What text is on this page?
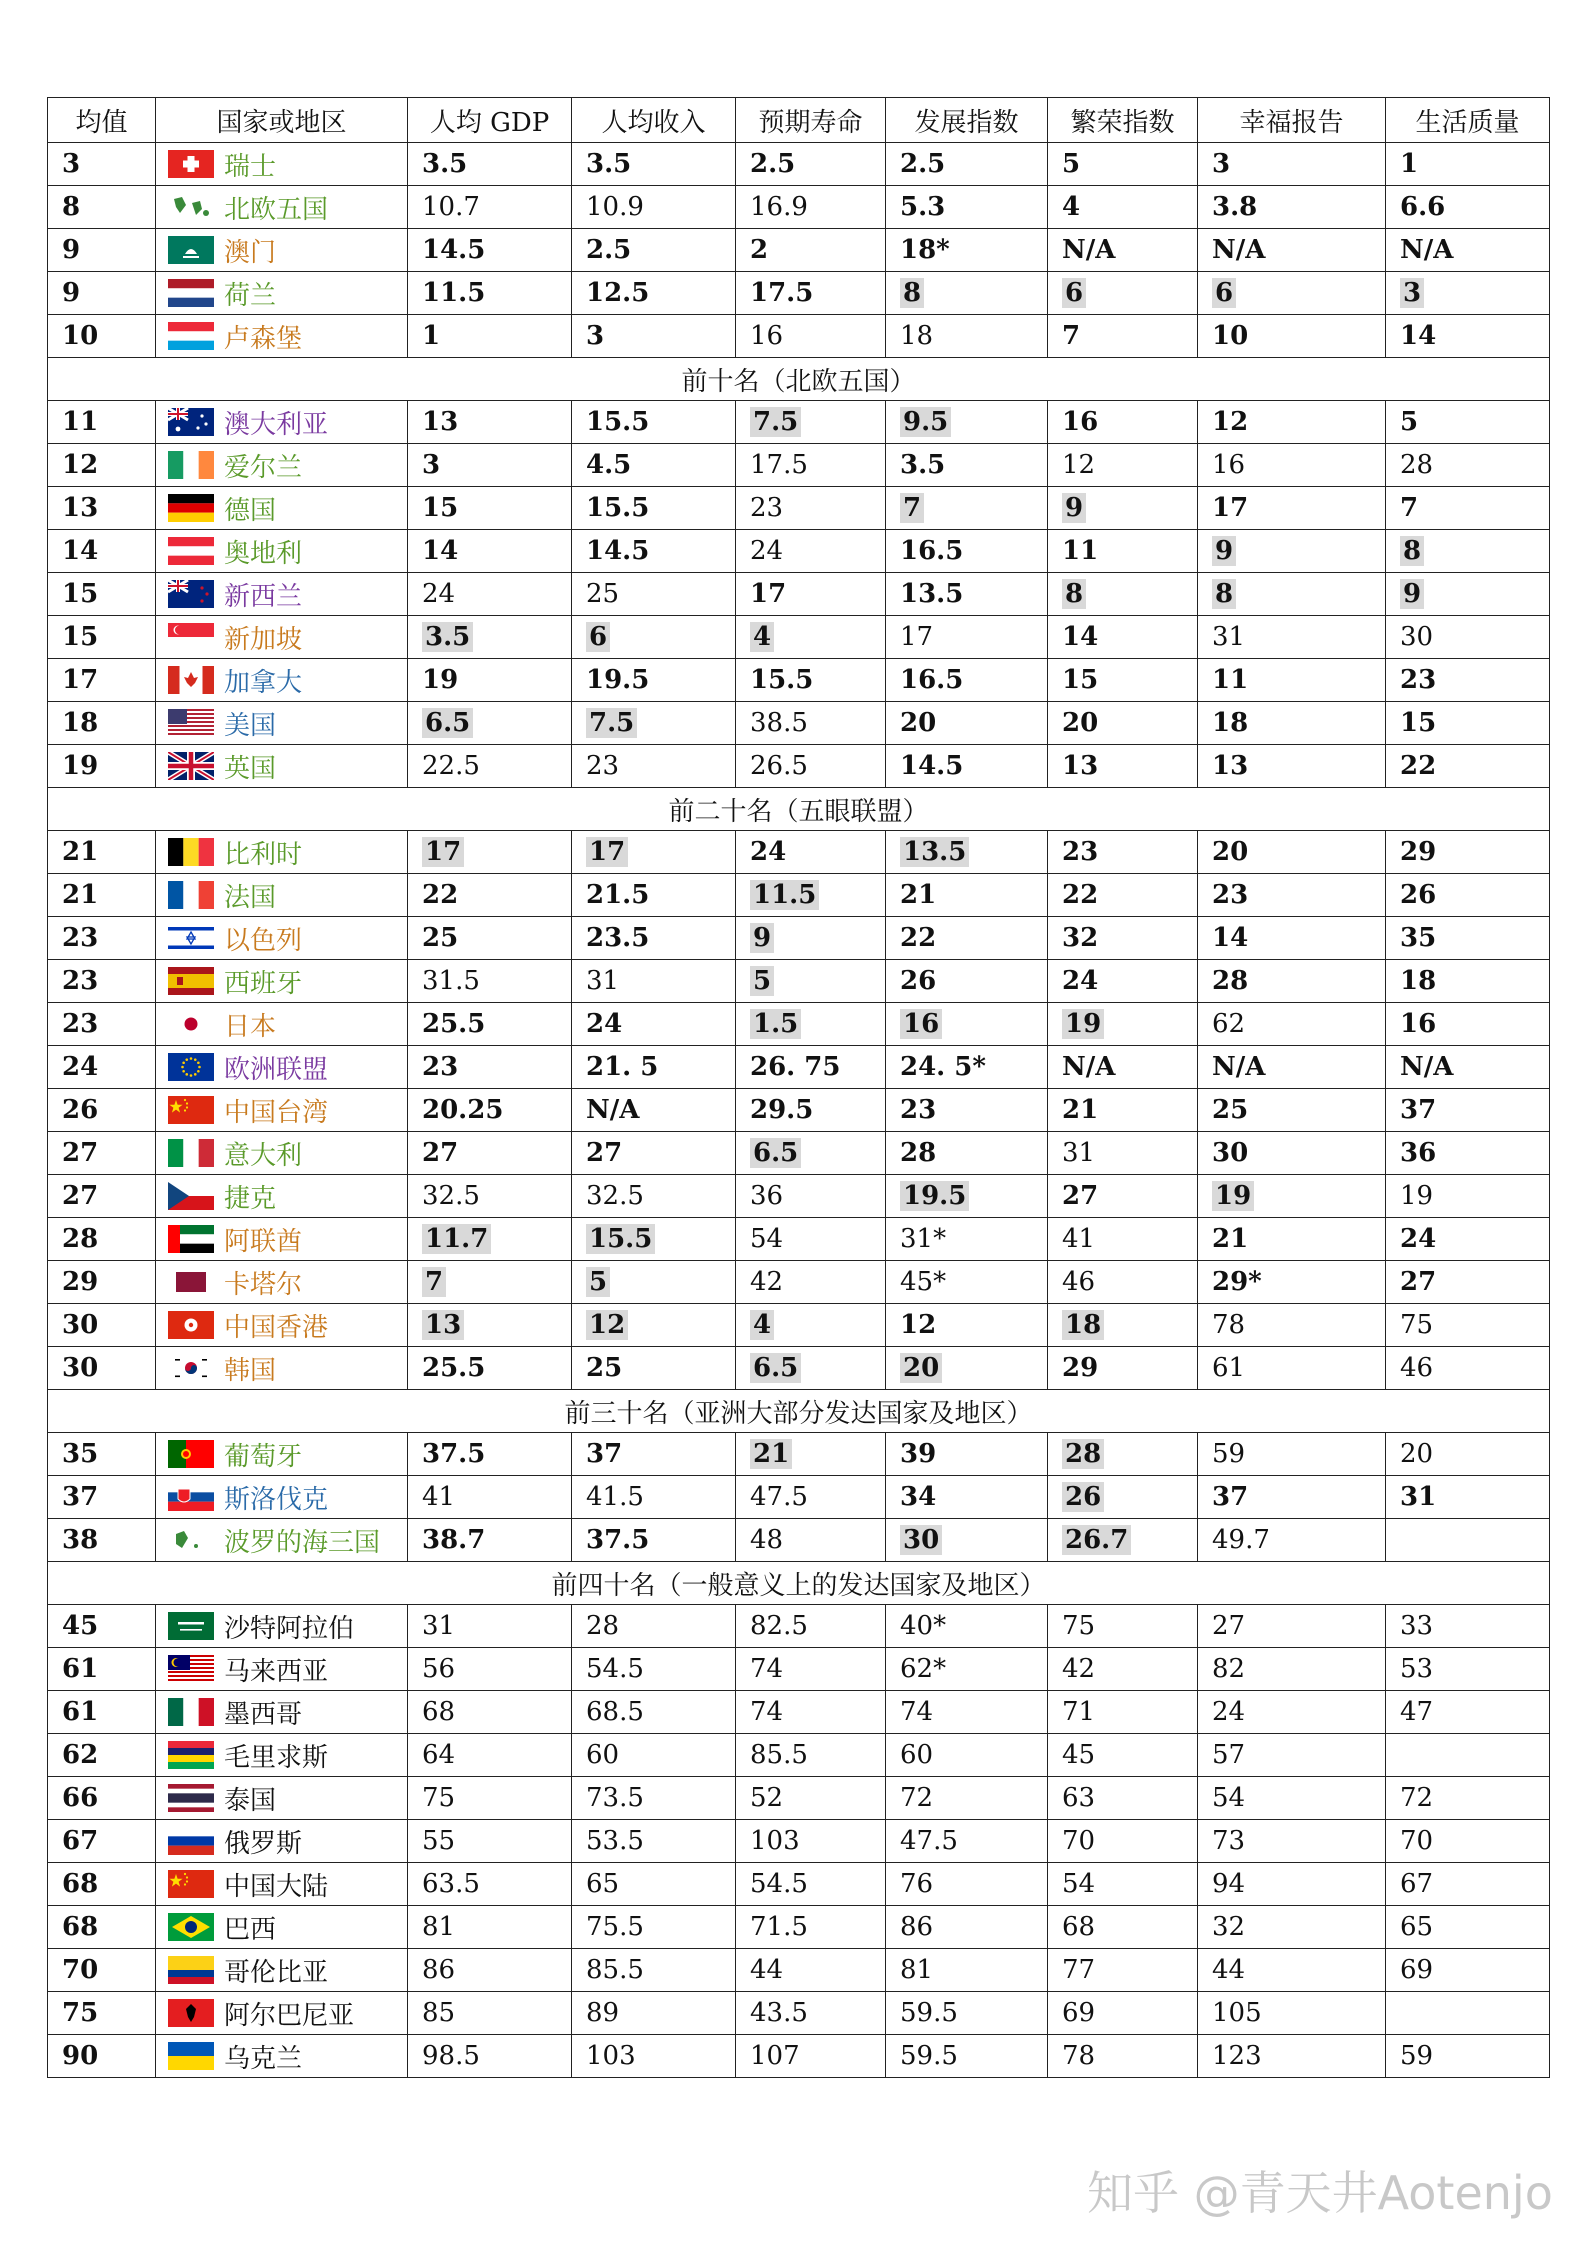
均值	国家或地区	人均 GDP	人均收入	预期寿命	发展指数	繁荣指数	幸福报告	生活质量
3	瑞士	3.5	3.5	2.5	2.5	5	3	1
8	北欧五国	10.7	10.9	16.9	5.3	4	3.8	6.6
9	澳门	14.5	2.5	2	18*	N/A	N/A	N/A
9	荷兰	11.5	12.5	17.5	8	6	6	3
10	卢森堡	1	3	16	18	7	10	14
前十名（北欧五国）								
11	澳大利亚	13	15.5	7.5	9.5	16	12	5
12	爱尔兰	3	4.5	17.5	3.5	12	16	28
13	德国	15	15.5	23	7	9	17	7
14	奥地利	14	14.5	24	16.5	11	9	8
15	新西兰	24	25	17	13.5	8	8	9
15	新加坡	3.5	6	4	17	14	31	30
17	加拿大	19	19.5	15.5	16.5	15	11	23
18	美国	6.5	7.5	38.5	20	20	18	15
19	英国	22.5	23	26.5	14.5	13	13	22
前二十名（五眼联盟）								
21	比利时	17	17	24	13.5	23	20	29
21	法国	22	21.5	11.5	21	22	23	26
23	以色列	25	23.5	9	22	32	14	35
23	西班牙	31.5	31	5	26	24	28	18
23	日本	25.5	24	1.5	16	19	62	16
24	欧洲联盟	23	21. 5	26. 75	24. 5*	N/A	N/A	N/A
26	中国台湾	20.25	N/A	29.5	23	21	25	37
27	意大利	27	27	6.5	28	31	30	36
27	捷克	32.5	32.5	36	19.5	27	19	19
28	阿联酋	11.7	15.5	54	31*	41	21	24
29	卡塔尔	7	5	42	45*	46	29*	27
30	中国香港	13	12	4	12	18	78	75
30	韩国	25.5	25	6.5	20	29	61	46
前三十名（亚洲大部分发达国家及地区）								
35	葡萄牙	37.5	37	21	39	28	59	20
37	斯洛伐克	41	41.5	47.5	34	26	37	31
38	波罗的海三国	38.7	37.5	48	30	26.7	49.7	
前四十名（一般意义上的发达国家及地区）								
45	沙特阿拉伯	31	28	82.5	40*	75	27	33
61	马来西亚	56	54.5	74	62*	42	82	53
61	墨西哥	68	68.5	74	74	71	24	47
62	毛里求斯	64	60	85.5	60	45	57	
66	泰国	75	73.5	52	72	63	54	72
67	俄罗斯	55	53.5	103	47.5	70	73	70
68	中国大陆	63.5	65	54.5	76	54	94	67
68	巴西	81	75.5	71.5	86	68	32	65
70	哥伦比亚	86	85.5	44	81	77	44	69
75	阿尔巴尼亚	85	89	43.5	59.5	69	105	
90	乌克兰	98.5	103	107	59.5	78	123	59
知乎 @青天井Aotenjo
